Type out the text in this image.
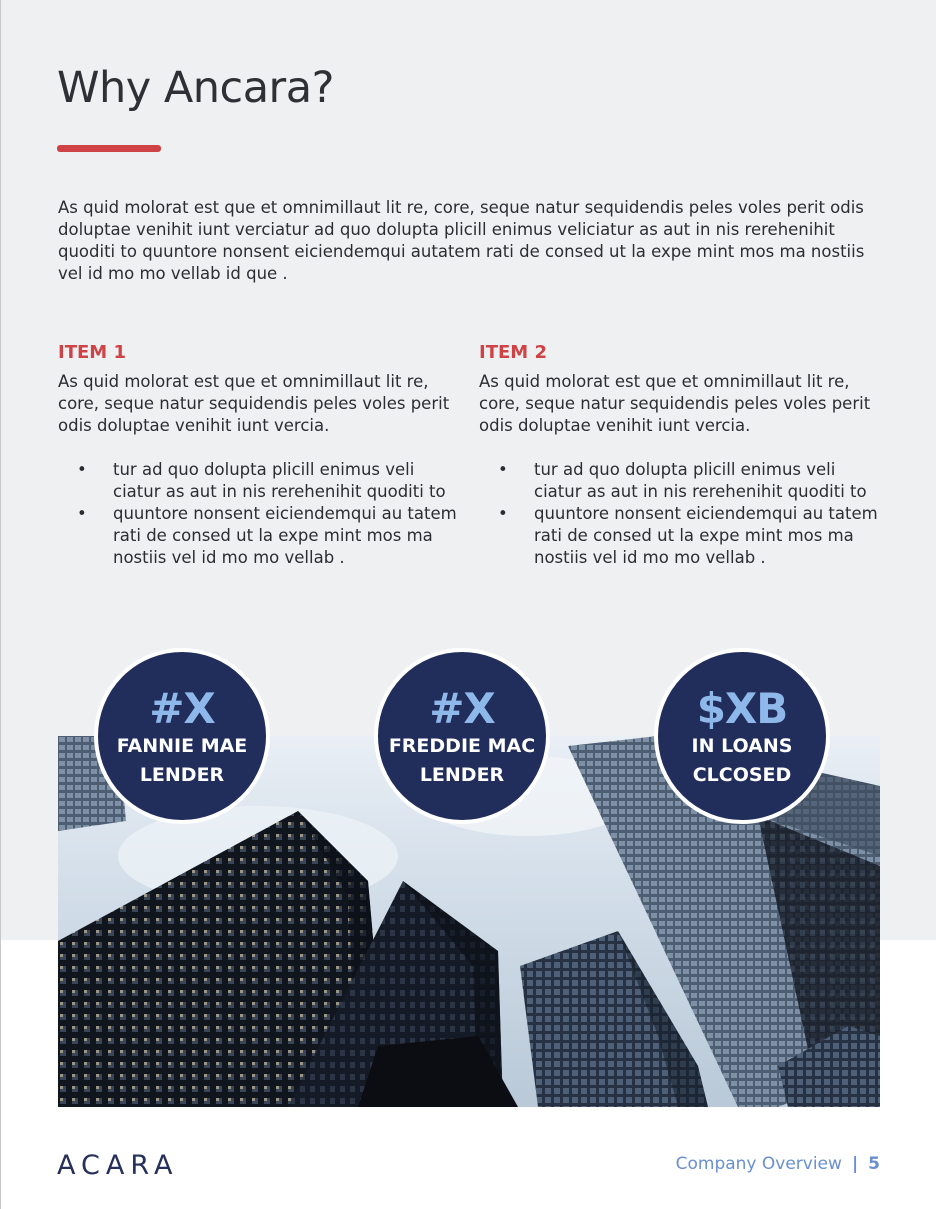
Why Ancara?

As quid molorat est que et omnimillaut lit re, core, seque natur sequidendis peles voles perit odis doluptae venihit iunt verciatur ad quo dolupta plicill enimus veliciatur as aut in nis rerehenihit quoditi to quuntore nonsent eiciendemqui autatem rati de consed ut la expe mint mos ma nostiis vel id mo mo vellab id que .

ITEM 1

As quid molorat est que et omnimillaut lit re, core, seque natur sequidendis peles voles perit odis doluptae venihit iunt vercia.

• tur ad quo dolupta plicill enimus veli ciatur as aut in nis rerehenihit quoditi to
• quuntore nonsent eiciendemqui au tatem rati de consed ut la expe mint mos ma nostiis vel id mo mo vellab .
ITEM 2

As quid molorat est que et omnimillaut lit re, core, seque natur sequidendis peles voles perit odis doluptae venihit iunt vercia.

• tur ad quo dolupta plicill enimus veli ciatur as aut in nis rerehenihit quoditi to
• quuntore nonsent eiciendemqui au tatem rati de consed ut la expe mint mos ma nostiis vel id mo mo vellab .
#X
FANNIE MAE
LENDER
#X
FREDDIE MAC
LENDER
$XB
IN LOANS
CLCOSED
ACARA	Company Overview | 5
